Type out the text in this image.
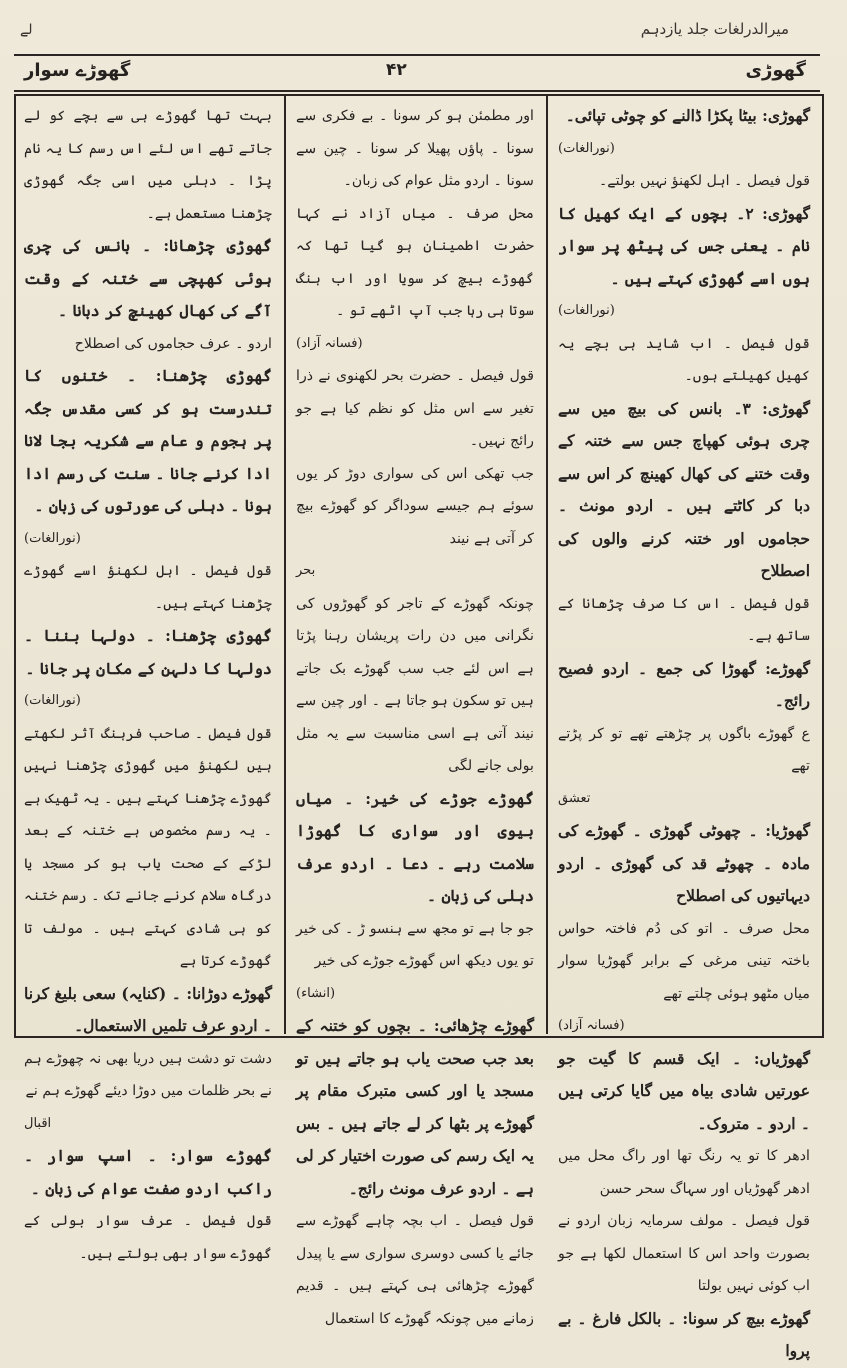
لے	میرالدرلغات جلد یازدہم
گھوڑی
۴۲
گھوڑے سوار

گھوڑی: بیٹا پکڑا ڈالنے کو چوٹی تپائی۔

(نورالغات)

قول فیصل ۔ اہل لکھنؤ نہیں بولتے۔

گھوڑی: ۲۔ بچوں کے ایک کھیل کا نام ۔ یعنی جس کی پیٹھ پر سوار ہوں اسے گھوڑی کہتے ہیں ۔

(نورالغات)

قول فیصل ۔ اب شاید ہی بچے یہ کھیل کھیلتے ہوں۔

گھوڑی: ۳۔ بانس کی بیچ میں سے چری ہوئی کھپاچ جس سے ختنہ کے وقت ختنے کی کھال کھینچ کر اس سے دبا کر کاٹتے ہیں ۔ اردو مونث ۔ حجاموں اور ختنہ کرنے والوں کی اصطلاح

قول فیصل ۔ اس کا صرف چڑھانا کے ساتھ ہے۔

گھوڑے: گھوڑا کی جمع ۔ اردو فصیح رائج۔

ع گھوڑے باگوں پر چڑھتے تھے تو کر پڑتے تھے

تعشق

گھوڑیا: ۔ چھوٹی گھوڑی ۔ گھوڑے کی مادہ ۔ چھوٹے قد کی گھوڑی ۔ اردو دیہاتیوں کی اصطلاح

محل صرف ۔ اتو کی دُم فاختہ حواس باختہ تینی مرغی کے برابر گھوڑیا سوار میاں مٹھو ہوئی چلتے تھے

(فسانہ آزاد)

گھوڑیاں: ۔ ایک قسم کا گیت جو عورتیں شادی بیاہ میں گایا کرتی ہیں ۔ اردو ۔ متروک۔

ادھر کا تو یہ رنگ تھا اور راگ محل میں ادھر گھوڑیاں اور سہاگ سحر حسن

قول فیصل ۔ مولف سرمایہ زبان اردو نے بصورت واحد اس کا استعمال لکھا ہے جو اب کوئی نہیں بولتا

گھوڑے بیچ کر سونا: ۔ بالکل فارغ ۔ بے پروا

اور مطمئن ہو کر سونا ۔ بے فکری سے سونا ۔ پاؤں پھیلا کر سونا ۔ چین سے سونا ۔ اردو مثل عوام کی زبان۔

محل صرف ۔ میاں آزاد نے کہا حضرت اطمینان ہو گیا تھا کہ گھوڑے بیچ کر سویا اور اب ہنگ سوتا ہی رہا جب آپ اٹھے تو ۔

(فسانہ آزاد)

قول فیصل ۔ حضرت بحر لکھنوی نے ذرا تغیر سے اس مثل کو نظم کیا ہے جو رائج نہیں۔

جب تھکی اس کی سواری دوڑ کر یوں سوئے ہم جیسے سوداگر کو گھوڑے بیچ کر آتی ہے نیند

بحر

چونکہ گھوڑے کے تاجر کو گھوڑوں کی نگرانی میں دن رات پریشان رہنا پڑتا ہے اس لئے جب سب گھوڑے بک جاتے ہیں تو سکون ہو جاتا ہے ۔ اور چین سے نیند آتی ہے اسی مناسبت سے یہ مثل بولی جانے لگی

گھوڑے جوڑے کی خیر: ۔ میاں بیوی اور سواری کا گھوڑا سلامت رہے ۔ دعا ۔ اردو عرف دہلی کی زبان ۔

جو جا ہے تو مجھ سے ہنسو ڑ ۔ کی خیر تو یوں دیکھ اس گھوڑے جوڑے کی خیر

(انشاء)

گھوڑے چڑھائی: ۔ بچوں کو ختنہ کے بعد جب صحت یاب ہو جاتے ہیں تو مسجد یا اور کسی متبرک مقام پر گھوڑے پر بٹھا کر لے جاتے ہیں ۔ بس یہ ایک رسم کی صورت اختیار کر لی ہے ۔ اردو عرف مونث رائج۔

قول فیصل ۔ اب بچہ چاہے گھوڑے سے جائے یا کسی دوسری سواری سے یا پیدل گھوڑے چڑھائی ہی کہتے ہیں ۔ قدیم زمانے میں چونکہ گھوڑے کا استعمال

بہت تھا گھوڑے ہی سے بچے کو لے جاتے تھے اس لئے اس رسم کا یہ نام پڑا ۔ دہلی میں اسی جگہ گھوڑی چڑھنا مستعمل ہے۔

گھوڑی چڑھانا: ۔ بانس کی چری ہوئی کھپچی سے ختنہ کے وقت آگے کی کھال کھینچ کر دبانا ۔

اردو ۔ عرف حجاموں کی اصطلاح

گھوڑی چڑھنا: ۔ ختنوں کا تندرست ہو کر کسی مقدس جگہ پر ہجوم و عام سے شکریہ بجا لانا ادا کرنے جانا ۔ سنت کی رسم ادا ہونا ۔ دہلی کی عورتوں کی زبان ۔

(نورالغات)

قول فیصل ۔ اہل لکھنؤ اسے گھوڑے چڑھنا کہتے ہیں۔

گھوڑی چڑھنا: ۔ دولہا بننا ۔ دولہا کا دلہن کے مکان پر جانا ۔

(نورالغات)

قول فیصل ۔ صاحب فرہنگ آثر لکھتے ہیں لکھنؤ میں گھوڑی چڑھنا نہیں گھوڑے چڑھنا کہتے ہیں ۔ یہ ٹھیک ہے ۔ یہ رسم مخصوص ہے ختنہ کے بعد لڑکے کے صحت یاب ہو کر مسجد یا درگاہ سلام کرنے جانے تک ۔ رسم ختنہ کو ہی شادی کہتے ہیں ۔ مولف تا گھوڑے کرتا ہے

گھوڑے دوڑانا: ۔ (کنایہ) سعی بلیغ کرنا ۔ اردو عرف تلمیں الاستعمال۔

دشت تو دشت ہیں دریا بھی نہ چھوڑے ہم نے بحر ظلمات میں دوڑا دیئے گھوڑے ہم نے

اقبال

گھوڑے سوار: ۔ اسپ سوار ۔ راکب اردو صفت عوام کی زبان ۔

قول فیصل ۔ عرف سوار بولی کے گھوڑے سوار بھی بولتے ہیں۔
